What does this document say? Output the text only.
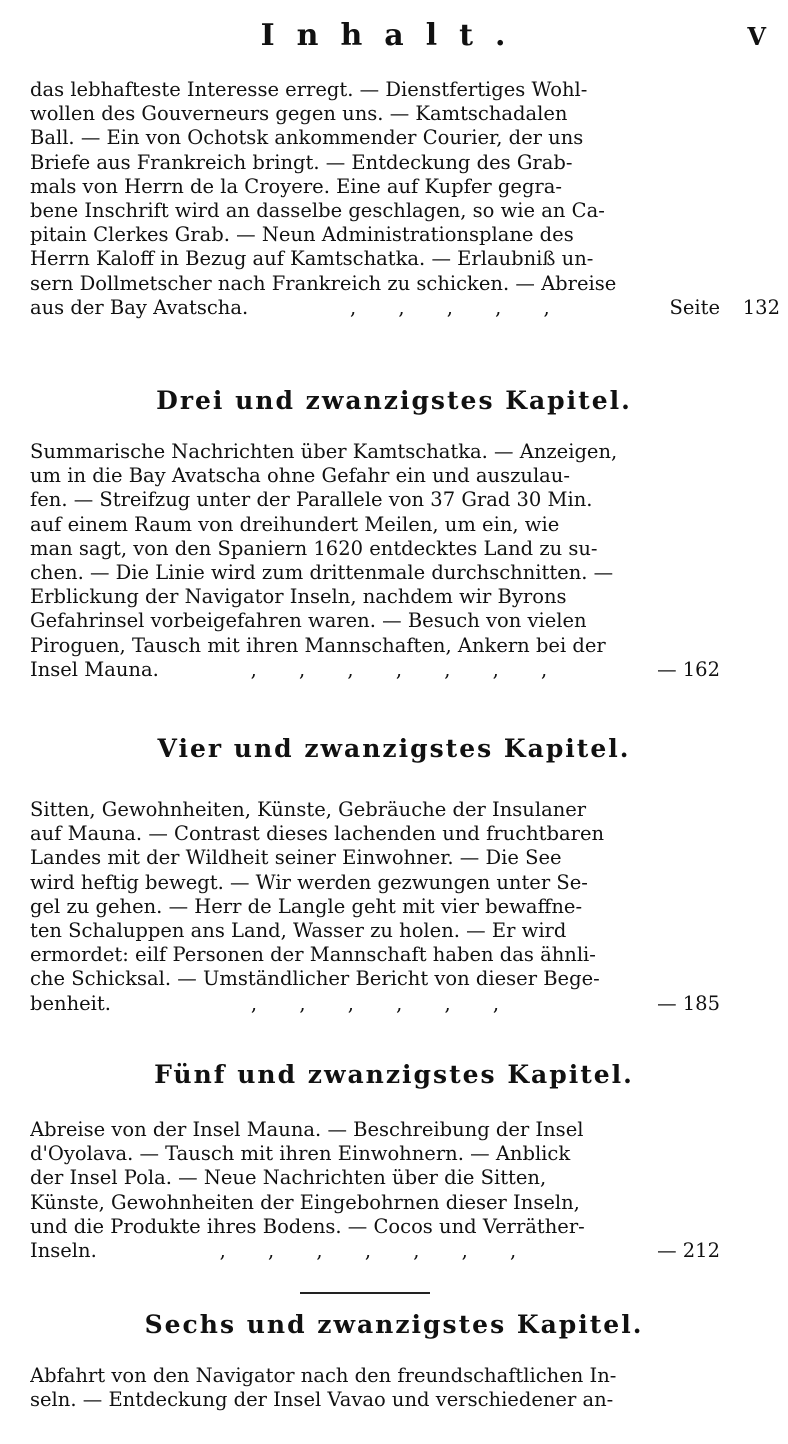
Inhalt.	V
das lebhafteste Interesse erregt. — Dienstfertiges Wohl-
wollen des Gouverneurs gegen uns. — Kamtschadalen
Ball. — Ein von Ochotsk ankommender Courier, der uns
Briefe aus Frankreich bringt. — Entdeckung des Grab-
mals von Herrn de la Croyere. Eine auf Kupfer gegra-
bene Inschrift wird an dasselbe geschlagen, so wie an Ca-
pitain Clerkes Grab. — Neun Administrationsplane des
Herrn Kaloff in Bezug auf Kamtschatka. — Erlaubniß un-
sern Dollmetscher nach Frankreich zu schicken. — Abreise
aus der Bay Avatscha.	, , , , ,	Seite 132
Drei und zwanzigstes Kapitel.
Summarische Nachrichten über Kamtschatka. — Anzeigen,
um in die Bay Avatscha ohne Gefahr ein und auszulau-
fen. — Streifzug unter der Parallele von 37 Grad 30 Min.
auf einem Raum von dreihundert Meilen, um ein, wie
man sagt, von den Spaniern 1620 entdecktes Land zu su-
chen. — Die Linie wird zum drittenmale durchschnitten. —
Erblickung der Navigator Inseln, nachdem wir Byrons
Gefahrinsel vorbeigefahren waren. — Besuch von vielen
Piroguen, Tausch mit ihren Mannschaften, Ankern bei der
Insel Mauna.	, , , , , , ,	— 162
Vier und zwanzigstes Kapitel.
Sitten, Gewohnheiten, Künste, Gebräuche der Insulaner
auf Mauna. — Contrast dieses lachenden und fruchtbaren
Landes mit der Wildheit seiner Einwohner. — Die See
wird heftig bewegt. — Wir werden gezwungen unter Se-
gel zu gehen. — Herr de Langle geht mit vier bewaffne-
ten Schaluppen ans Land, Wasser zu holen. — Er wird
ermordet: eilf Personen der Mannschaft haben das ähnli-
che Schicksal. — Umständlicher Bericht von dieser Bege-
benheit.	, , , , , ,	— 185
Fünf und zwanzigstes Kapitel.
Abreise von der Insel Mauna. — Beschreibung der Insel
d'Oyolava. — Tausch mit ihren Einwohnern. — Anblick
der Insel Pola. — Neue Nachrichten über die Sitten,
Künste, Gewohnheiten der Eingebohrnen dieser Inseln,
und die Produkte ihres Bodens. — Cocos und Verräther-
Inseln.	, , , , , , ,	— 212
Sechs und zwanzigstes Kapitel.
Abfahrt von den Navigator nach den freundschaftlichen In-
seln. — Entdeckung der Insel Vavao und verschiedener an-
